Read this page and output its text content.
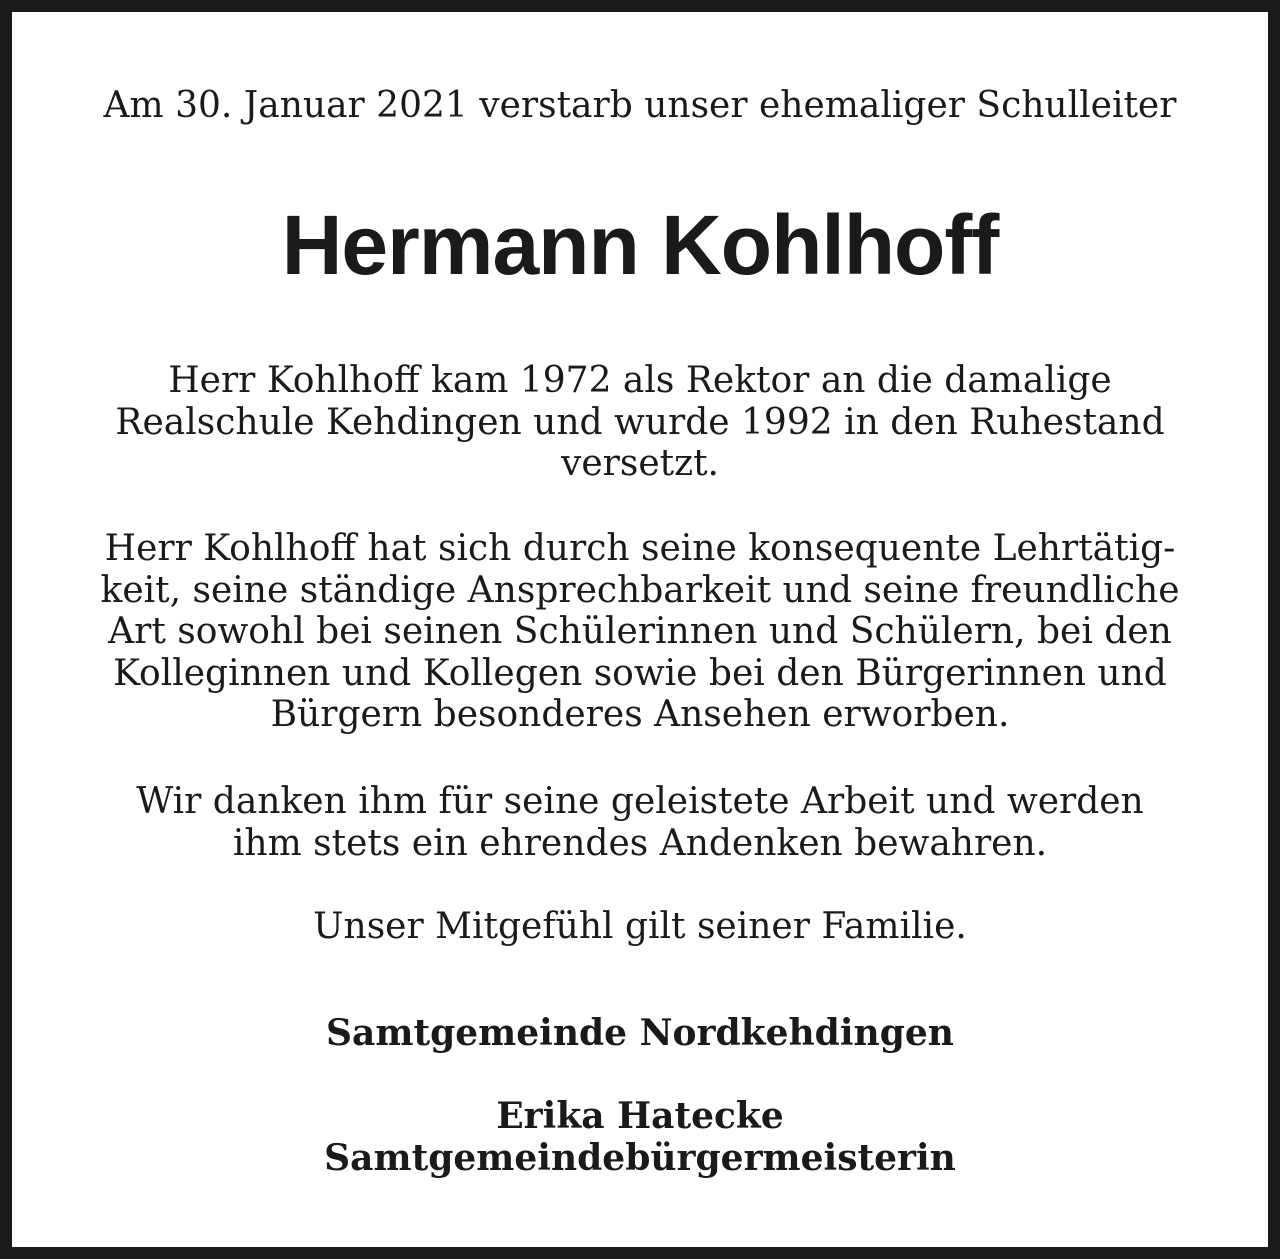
Am 30. Januar 2021 verstarb unser ehemaliger Schulleiter
Hermann Kohlhoff
Herr Kohlhoff kam 1972 als Rektor an die damalige
Realschule Kehdingen und wurde 1992 in den Ruhestand
versetzt.
Herr Kohlhoff hat sich durch seine konsequente Lehrtätig-
keit, seine ständige Ansprechbarkeit und seine freundliche
Art sowohl bei seinen Schülerinnen und Schülern, bei den
Kolleginnen und Kollegen sowie bei den Bürgerinnen und
Bürgern besonderes Ansehen erworben.
Wir danken ihm für seine geleistete Arbeit und werden
ihm stets ein ehrendes Andenken bewahren.
Unser Mitgefühl gilt seiner Familie.
Samtgemeinde Nordkehdingen
Erika Hatecke
Samtgemeindebürgermeisterin
